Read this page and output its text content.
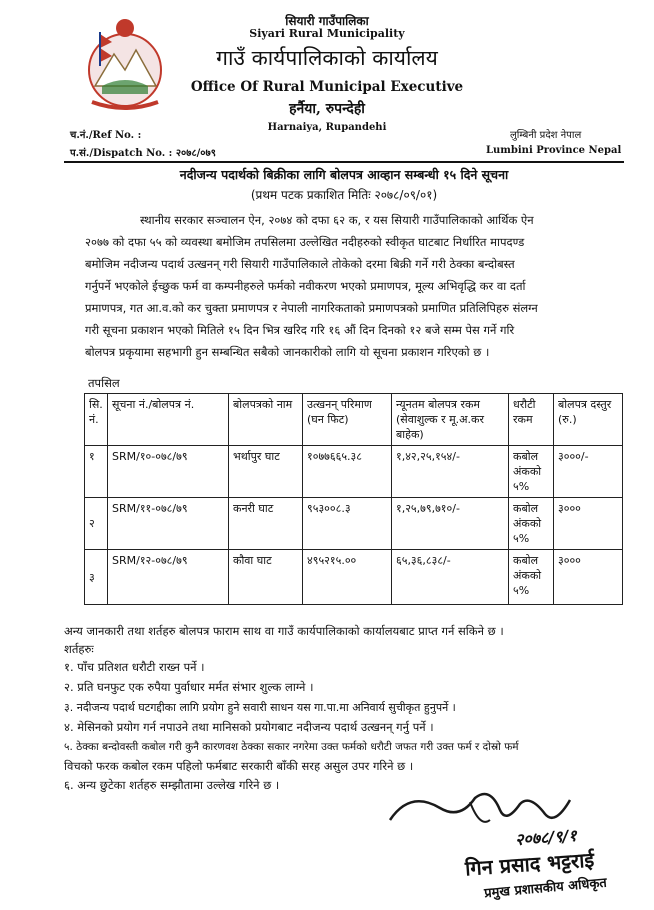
सियारी गाउँपालिका
Siyari Rural Municipality
गाउँ कार्यपालिकाको कार्यालय
Office Of Rural Municipal Executive
हर्नैया, रुपन्देही
Harnaiya, Rupandehi
च.नं./Ref No. :
प.सं./Dispatch No. : २०७८/०७९
लुम्बिनी प्रदेश नेपाल
Lumbini Province Nepal
नदीजन्य पदार्थको बिक्रीका लागि बोलपत्र आव्हान सम्बन्धी १५ दिने सूचना
(प्रथम पटक प्रकाशित मितिः २०७८/०९/०१)
स्थानीय सरकार सञ्चालन ऐन, २०७४ को दफा ६२ क, र यस सियारी गाउँपालिकाको आर्थिक ऐन
२०७७ को दफा ५५ को व्यवस्था बमोजिम तपसिलमा उल्लेखित नदीहरुको स्वीकृत घाटबाट निर्धारित मापदण्ड
बमोजिम नदीजन्य पदार्थ उत्खनन् गरी सियारी गाउँपालिकाले तोकेको दरमा बिक्री गर्ने गरी ठेक्का बन्दोबस्त
गर्नुपर्ने भएकोले ईच्छुक फर्म वा कम्पनीहरुले फर्मको नवीकरण भएको प्रमाणपत्र, मूल्य अभिवृद्धि कर वा दर्ता
प्रमाणपत्र, गत आ.व.को कर चुक्ता प्रमाणपत्र र नेपाली नागरिकताको प्रमाणपत्रको प्रमाणित प्रतिलिपिहरु संलग्न
गरी सूचना प्रकाशन भएको मितिले १५ दिन भित्र खरिद गरि १६ औं दिन दिनको १२ बजे सम्म पेस गर्ने गरि
बोलपत्र प्रकृयामा सहभागी हुन सम्बन्धित सबैको जानकारीको लागि यो सूचना प्रकाशन गरिएको छ ।
तपसिल
सि. नं.	सूचना नं./बोलपत्र नं.	बोलपत्रको नाम	उत्खनन् परिमाण (घन फिट)	न्यूनतम बोलपत्र रकम (सेवाशुल्क र मू.अ.कर बाहेक)	धरौटी रकम	बोलपत्र दस्तुर (रु.)
१	SRM/१०-०७८/७९	भर्थापुर घाट	१०७७६६५.३८	१,४२,२५,१५४/-	कबोल अंकको ५%	३०००/-
२	SRM/११-०७८/७९	कनरी घाट	९५३००८.३	१,२५,७९,७१०/-	कबोल अंकको ५%	३०००
३	SRM/१२-०७८/७९	कौवा घाट	४९५२१५.००	६५,३६,८३८/-	कबोल अंकको ५%	३०००
अन्य जानकारी तथा शर्तहरु बोलपत्र फाराम साथ वा गाउँ कार्यपालिकाको कार्यालयबाट प्राप्त गर्न सकिने छ ।
शर्तहरुः
१. पाँच प्रतिशत धरौटी राख्न पर्ने ।
२. प्रति घनफुट एक रुपैया पुर्वाधार मर्मत संभार शुल्क लाग्ने ।
३. नदीजन्य पदार्थ घटगद्दीका लागि प्रयोग हुने सवारी साधन यस गा.पा.मा अनिवार्य सुचीकृत हुनुपर्ने ।
४. मेसिनको प्रयोग गर्न नपाउने तथा मानिसको प्रयोगबाट नदीजन्य पदार्थ उत्खनन् गर्नु पर्ने ।
५. ठेक्का बन्दोवस्ती कबोल गरी कुनै कारणवश ठेक्का सकार नगरेमा उक्त फर्मको धरौटी जफत गरी उक्त फर्म र दोस्रो फर्म
विचको फरक कबोल रकम पहिलो फर्मबाट सरकारी बाँकी सरह असुल उपर गरिने छ ।
६. अन्य छुटेका शर्तहरु सम्झौतामा उल्लेख गरिने छ ।
२०७८/९/१
गिन प्रसाद भट्टराई
प्रमुख प्रशासकीय अधिकृत
